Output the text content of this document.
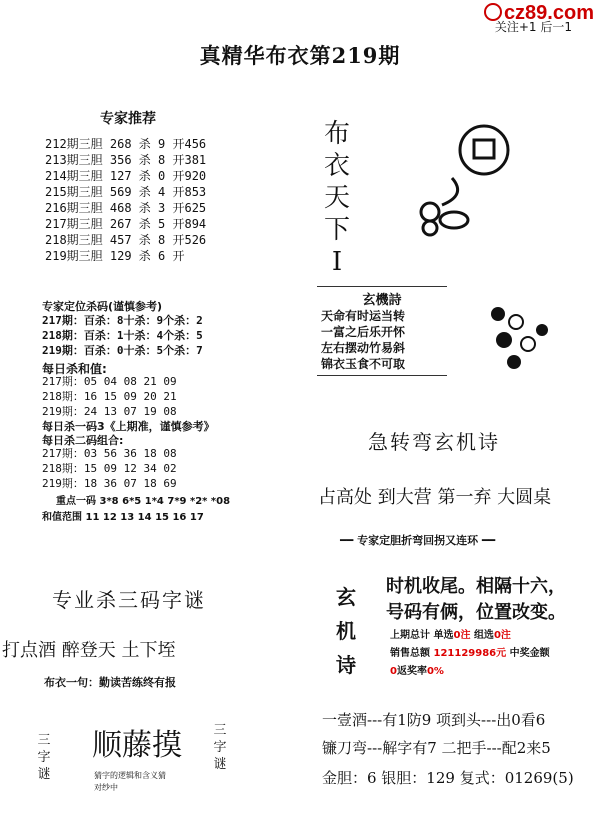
cz89.com
关注+1 后一1
真精华布衣第219期
专家推荐
212期三胆 268 杀 9 开456
213期三胆 356 杀 8 开381
214期三胆 127 杀 0 开920
215期三胆 569 杀 4 开853
216期三胆 468 杀 3 开625
217期三胆 267 杀 5 开894
218期三胆 457 杀 8 开526
219期三胆 129 杀 6 开
专家定位杀码(谨慎参考)
217期：百杀：8十杀：9个杀：2
218期：百杀：1十杀：4个杀：5
219期：百杀：0十杀：5个杀：7
每日杀和值:
217期：05 04 08 21 09
218期：16 15 09 20 21
219期：24 13 07 19 08
每日杀一码3《上期准，谨慎参考》
每日杀二码组合:
217期：03 56 36 18 08
218期：15 09 12 34 02
219期：18 36 07 18 69
重点一码 3*8 6*5 1*4 7*9 *2* *08
和值范围 11 12 13 14 15 16 17
专业杀三码字谜
打点酒 醉登天 土下垤
布衣一句：勤读苦练终有报
三字谜
顺藤摸
猜字的逻辑和含义猜
对纱中
三字谜
布衣天下I
玄機詩
天命有时运当转
一富之后乐开怀
左右摆动竹易斜
锦衣玉食不可取
急转弯玄机诗
占高处 到大营 第一弃 大圆桌
━━ 专家定胆折弯回拐又连环 ━━
玄机诗
时机收尾。相隔十六，
号码有俩，位置改变。
上期总计 单选0注 组选0注
销售总额 121129986元 中奖金额
0返奖率0%
一壹酒---有1防9 项到头---出0看6
镰刀弯---解字有7 二把手---配2来5
金胆：6 银胆：129 复式：01269(5)
